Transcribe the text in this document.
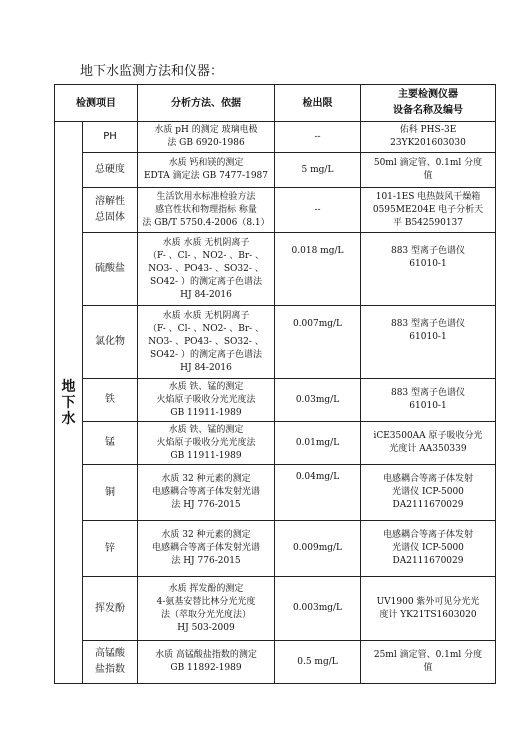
地下水监测方法和仪器：
检测项目		分析方法、依据	检出限	主要检测仪器
设备名称及编号
地
下
水	PH	水质 pH 的测定 玻璃电极
法 GB 6920-1986	--	佑科 PHS-3E
23YK201603030
	总硬度	水质 钙和镁的测定
EDTA 滴定法 GB 7477-1987	5 mg/L	50ml 滴定管、0.1ml 分度
值
	溶解性
总固体	生活饮用水标准检验方法
感官性状和物理指标 称量
法 GB/T 5750.4-2006（8.1）	--	101-1ES 电热鼓风干燥箱
0595ME204E 电子分析天
平 B542590137
	硫酸盐	水质 水质 无机阴离子
（F- 、Cl- 、NO2- 、Br- 、
NO3- 、PO43- 、SO32- 、
SO42- ）的测定离子色谱法
HJ 84-2016	0.018 mg/L	883 型离子色谱仪
61010-1
	氯化物	水质 水质 无机阴离子
（F- 、Cl- 、NO2- 、Br- 、
NO3- 、PO43- 、SO32- 、
SO42- ）的测定离子色谱法
HJ 84-2016	0.007mg/L	883 型离子色谱仪
61010-1
	铁	水质 铁、锰的测定
火焰原子吸收分光光度法
GB 11911-1989	0.03mg/L	883 型离子色谱仪
61010-1
	锰	水质 铁、锰的测定
火焰原子吸收分光光度法
GB 11911-1989	0.01mg/L	iCE3500AA 原子吸收分光
光度计 AA350339
	铜	水质 32 种元素的测定
电感耦合等离子体发射光谱
法 HJ 776-2015	0.04mg/L	电感耦合等离子体发射
光谱仪 ICP-5000
DA2111670029
	锌	水质 32 种元素的测定
电感耦合等离子体发射光谱
法 HJ 776-2015	0.009mg/L	电感耦合等离子体发射
光谱仪 ICP-5000
DA2111670029
	挥发酚	水质 挥发酚的测定
4-氨基安替比林分光光度
法（萃取分光光度法）
HJ 503-2009	0.003mg/L	UV1900 紫外可见分光光
度计 YK21TS1603020
	高锰酸
盐指数	水质 高锰酸盐指数的测定
GB 11892-1989	0.5 mg/L	25ml 滴定管、0.1ml 分度
值
